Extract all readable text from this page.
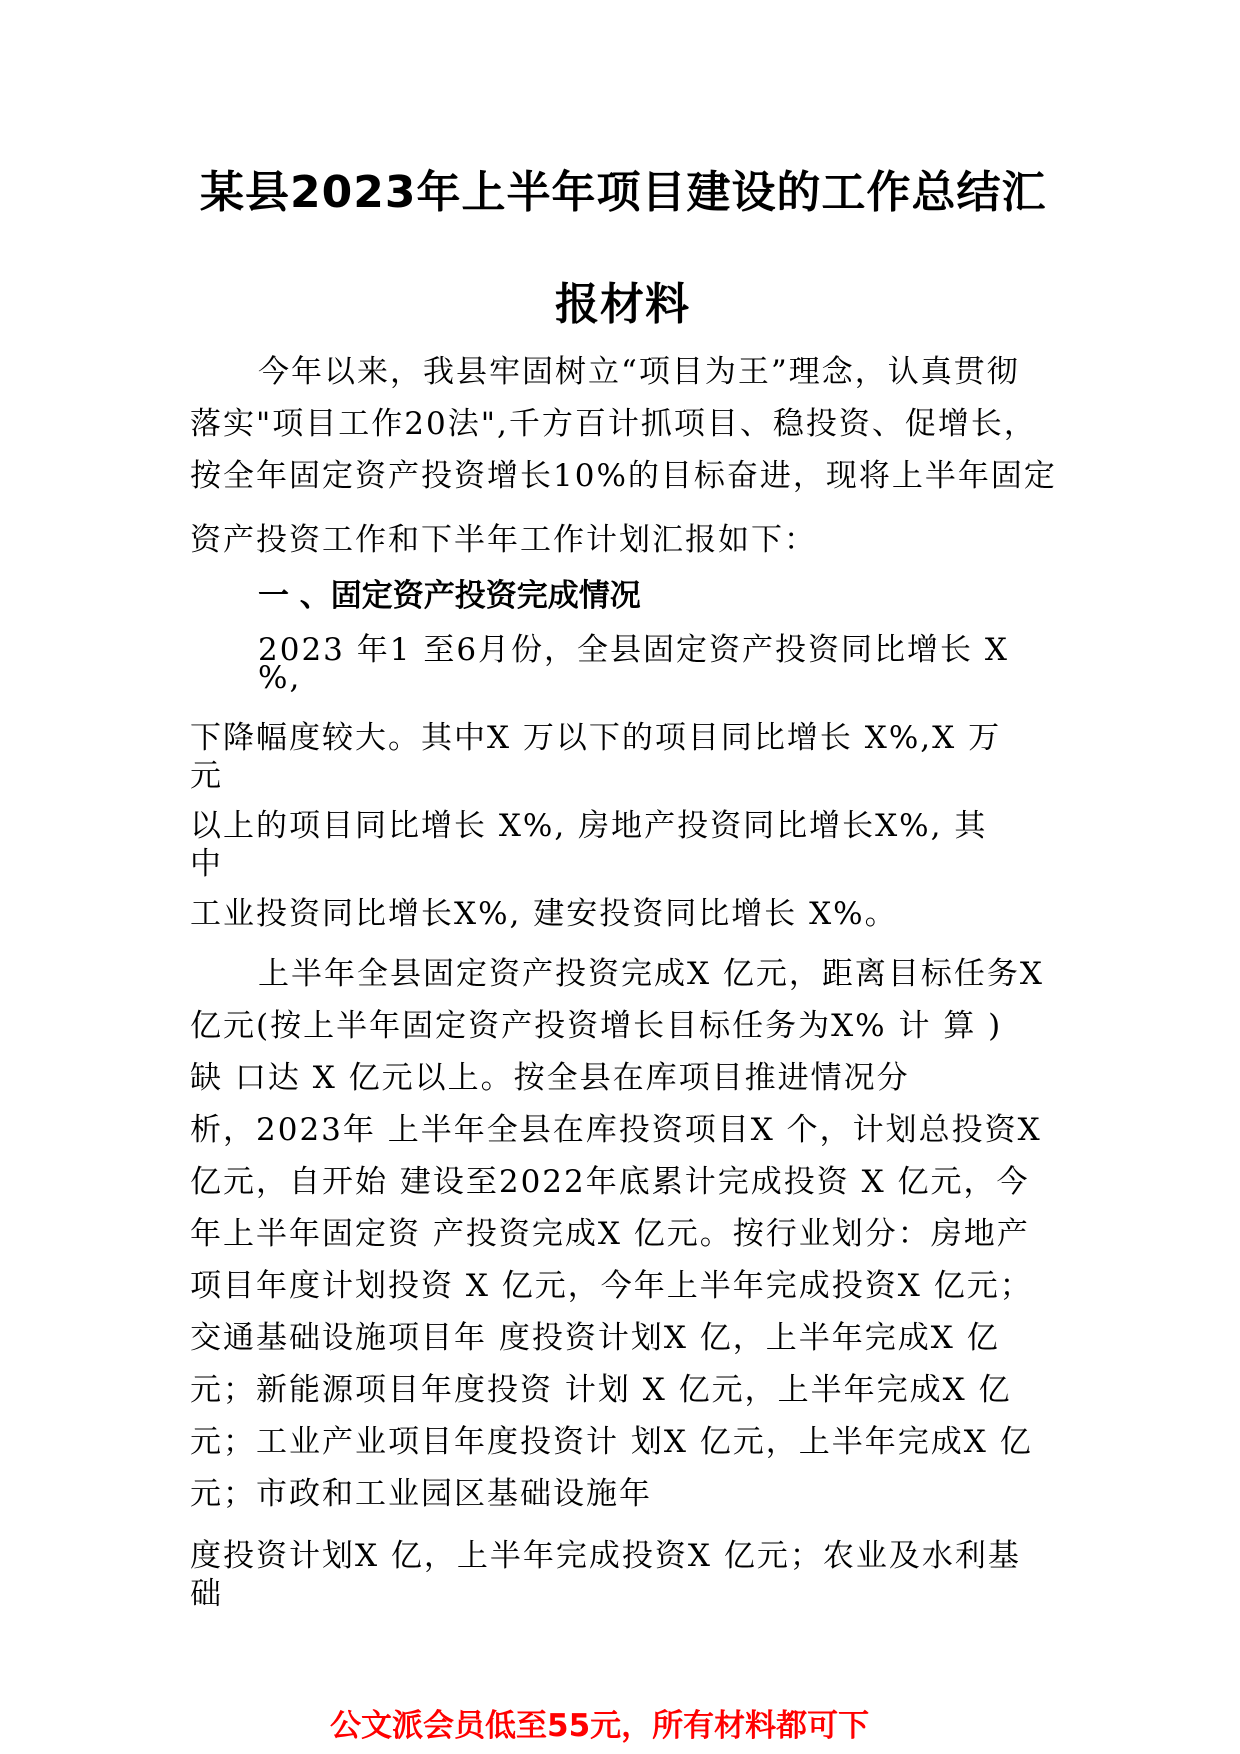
某县2023年上半年项目建设的工作总结汇
报材料
今年以来，我县牢固树立“项目为王”理念，认真贯彻
落实"项目工作20法",千方百计抓项目、稳投资、促增长，
按全年固定资产投资增长10%的目标奋进，现将上半年固定
资产投资工作和下半年工作计划汇报如下：
一 、固定资产投资完成情况
2023 年1 至6月份，全县固定资产投资同比增长 X
%,
下降幅度较大。其中X 万以下的项目同比增长 X%,X 万
元
以上的项目同比增长 X%, 房地产投资同比增长X%, 其
中
工业投资同比增长X%, 建安投资同比增长 X%。
上半年全县固定资产投资完成X 亿元，距离目标任务X
亿元(按上半年固定资产投资增长目标任务为X% 计 算 )
缺 口达 X 亿元以上。按全县在库项目推进情况分
析，2023年 上半年全县在库投资项目X 个，计划总投资X
亿元，自开始 建设至2022年底累计完成投资 X 亿元，今
年上半年固定资 产投资完成X 亿元。按行业划分：房地产
项目年度计划投资 X 亿元，今年上半年完成投资X 亿元；
交通基础设施项目年 度投资计划X 亿，上半年完成X 亿
元；新能源项目年度投资 计划 X 亿元，上半年完成X 亿
元；工业产业项目年度投资计 划X 亿元，上半年完成X 亿
元；市政和工业园区基础设施年
度投资计划X 亿，上半年完成投资X 亿元；农业及水利基
础
公文派会员低至55元，所有材料都可下
